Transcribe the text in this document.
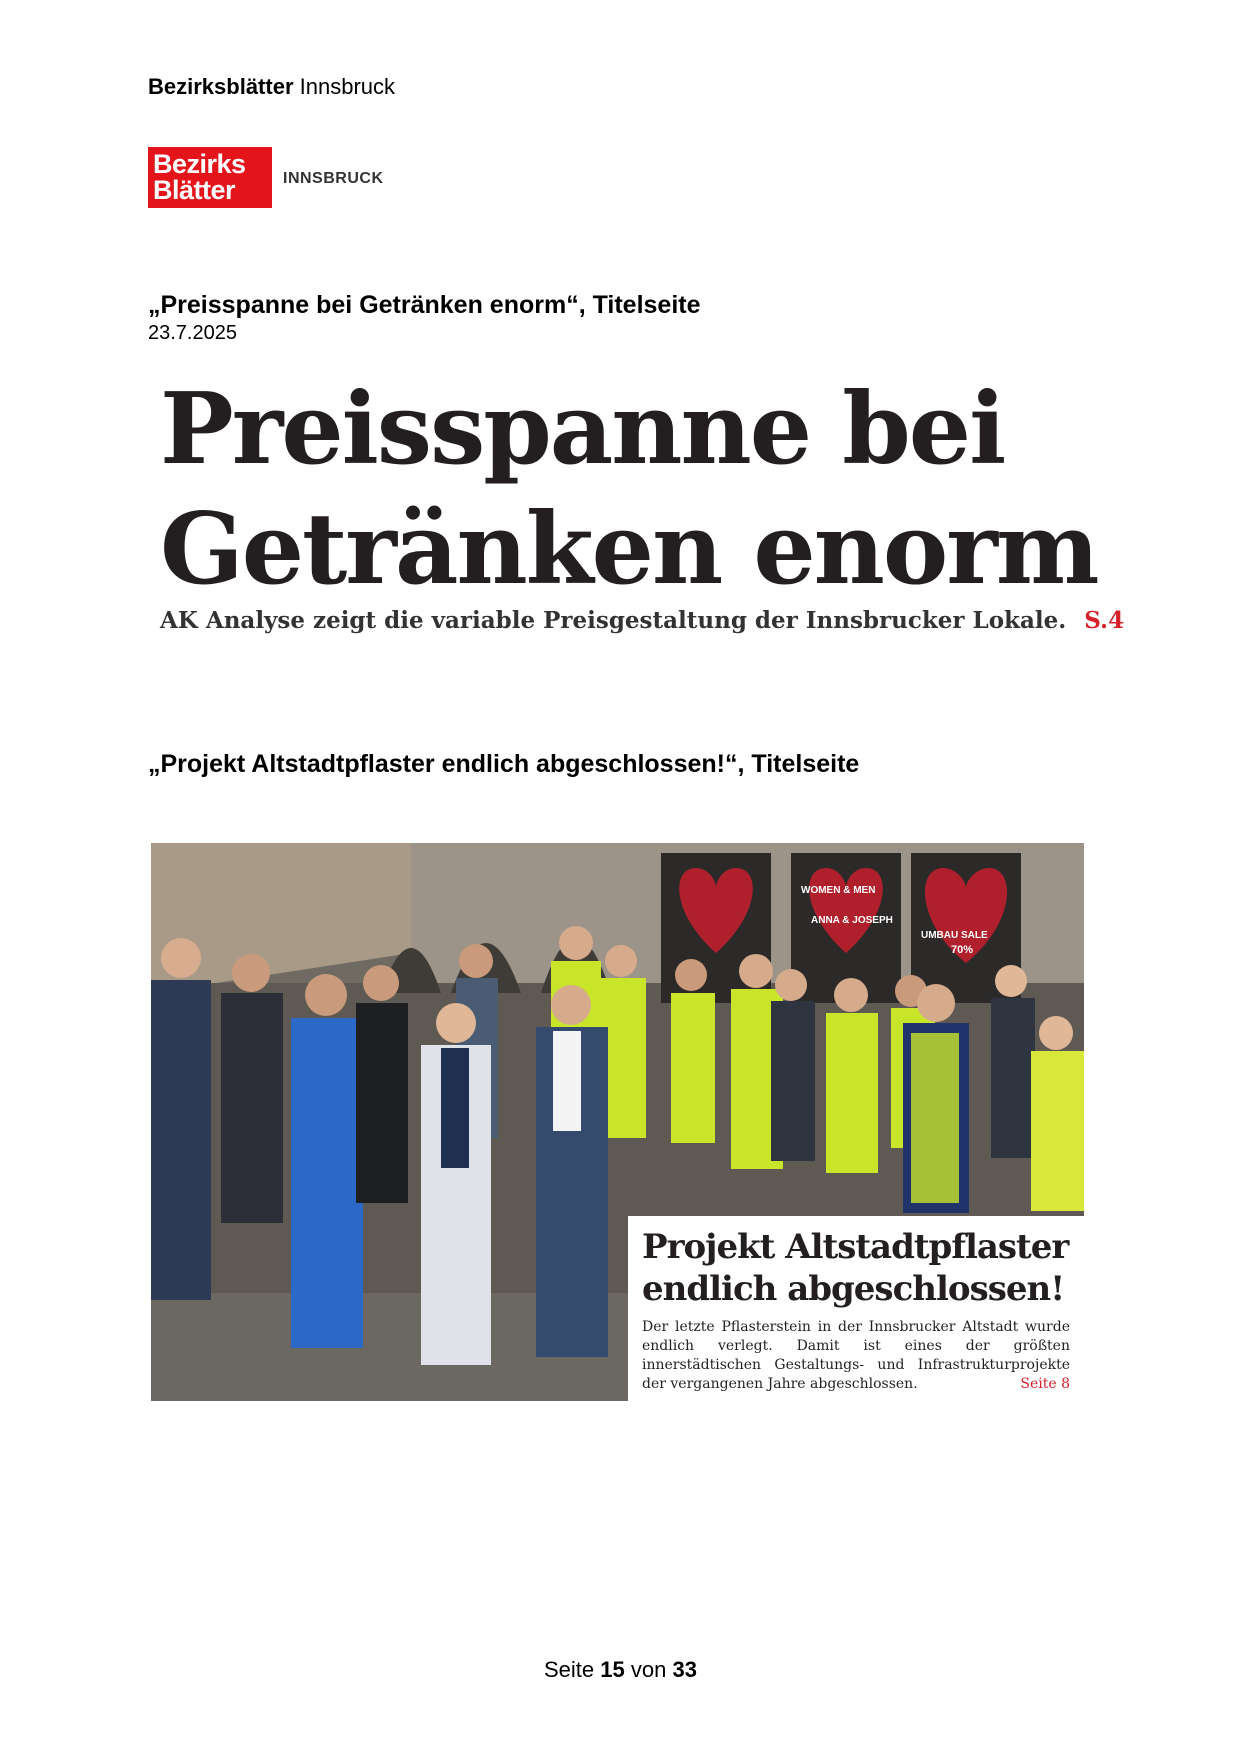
Bezirksblätter Innsbruck
Bezirks
Blätter	INNSBRUCK
„Preisspanne bei Getränken enorm“, Titelseite
23.7.2025
Preisspanne bei
Getränken enorm
AK Analyse zeigt die variable Preisgestaltung der Innsbrucker Lokale. S.4
„Projekt Altstadtpflaster endlich abgeschlossen!“, Titelseite
WOMEN & MEN
ANNA & JOSEPH
UMBAU SALE
70%
Projekt Altstadtpflaster
endlich abgeschlossen!
Der letzte Pflasterstein in der Innsbrucker Altstadt wurde endlich verlegt. Damit ist eines der größten innerstädtischen Gestaltungs- und Infrastrukturprojekte der vergangenen Jahre abgeschlossen.	Seite 8
Seite 15 von 33
